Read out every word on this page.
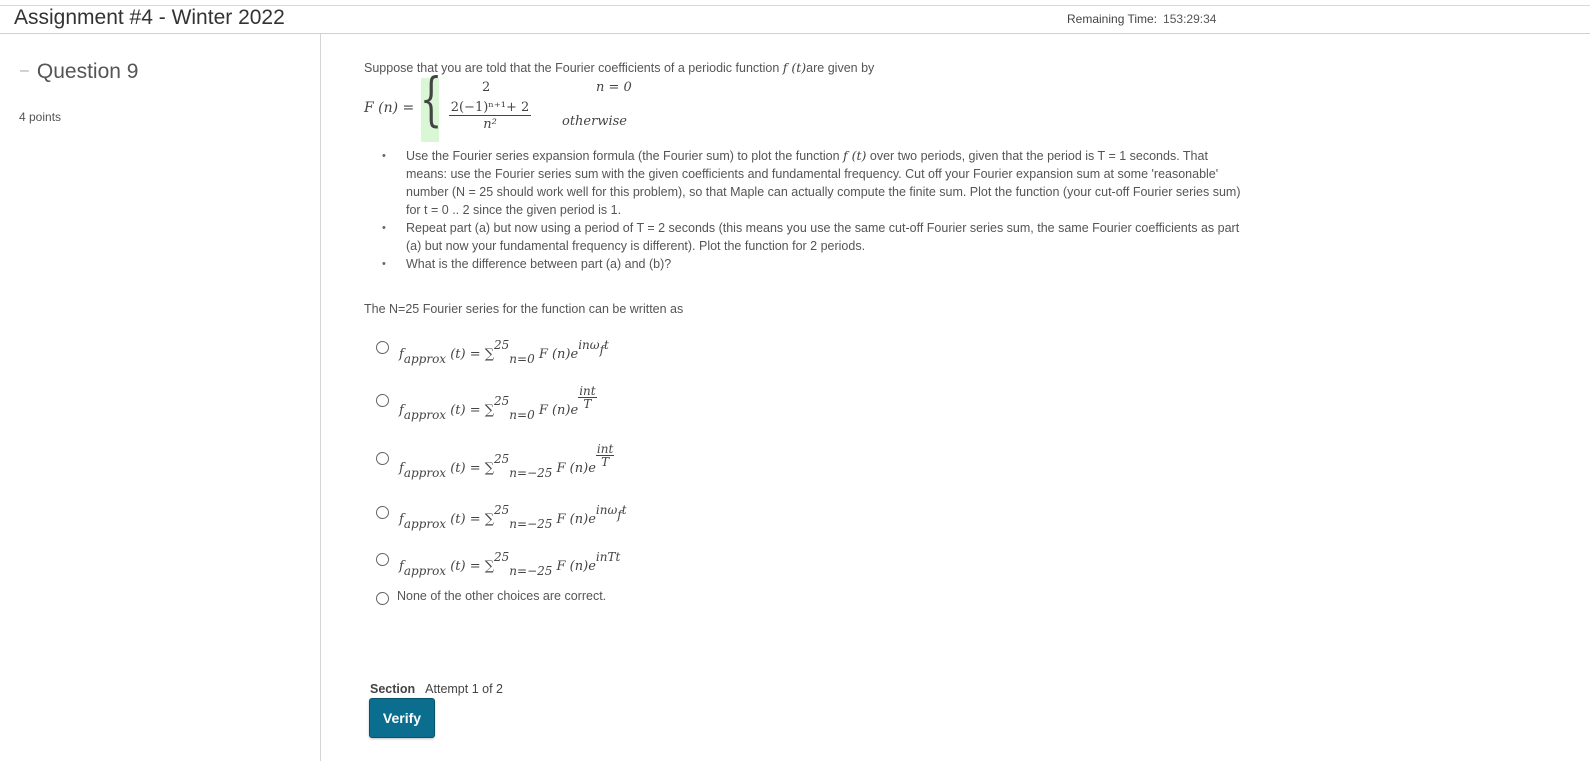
Assignment #4 - Winter 2022	Remaining Time: 153:29:34
– Question 9
4 points
Suppose that you are told that the Fourier coefficients of a periodic function f (t)are given by
F (n) = {	2	n = 0
$\frac{\text{2(−1)ⁿ⁺¹+ 2}}{\text{n²}}$ otherwise
• Use the Fourier series expansion formula (the Fourier sum) to plot the function f (t) over two periods, given that the period is T = 1 seconds. That means: use the Fourier series sum with the given coefficients and fundamental frequency. Cut off your Fourier expansion sum at some 'reasonable' number (N = 25 should work well for this problem), so that Maple can actually compute the finite sum. Plot the function (your cut-off Fourier series sum) for t = 0 .. 2 since the given period is 1.
• Repeat part (a) but now using a period of T = 2 seconds (this means you use the same cut-off Fourier series sum, the same Fourier coefficients as part (a) but now your fundamental frequency is different). Plot the function for 2 periods.
• What is the difference between part (a) and (b)?
The N=25 Fourier series for the function can be written as
fapprox (t) = ∑25n=0 F (n)einωft
fapprox (t) = ∑25n=0 F (n)e
int
T
fapprox (t) = ∑25n=−25 F (n)e
int
T
fapprox (t) = ∑25n=−25 F (n)einωft
fapprox (t) = ∑25n=−25 F (n)einTt
None of the other choices are correct.
Section Attempt 1 of 2
Verify
